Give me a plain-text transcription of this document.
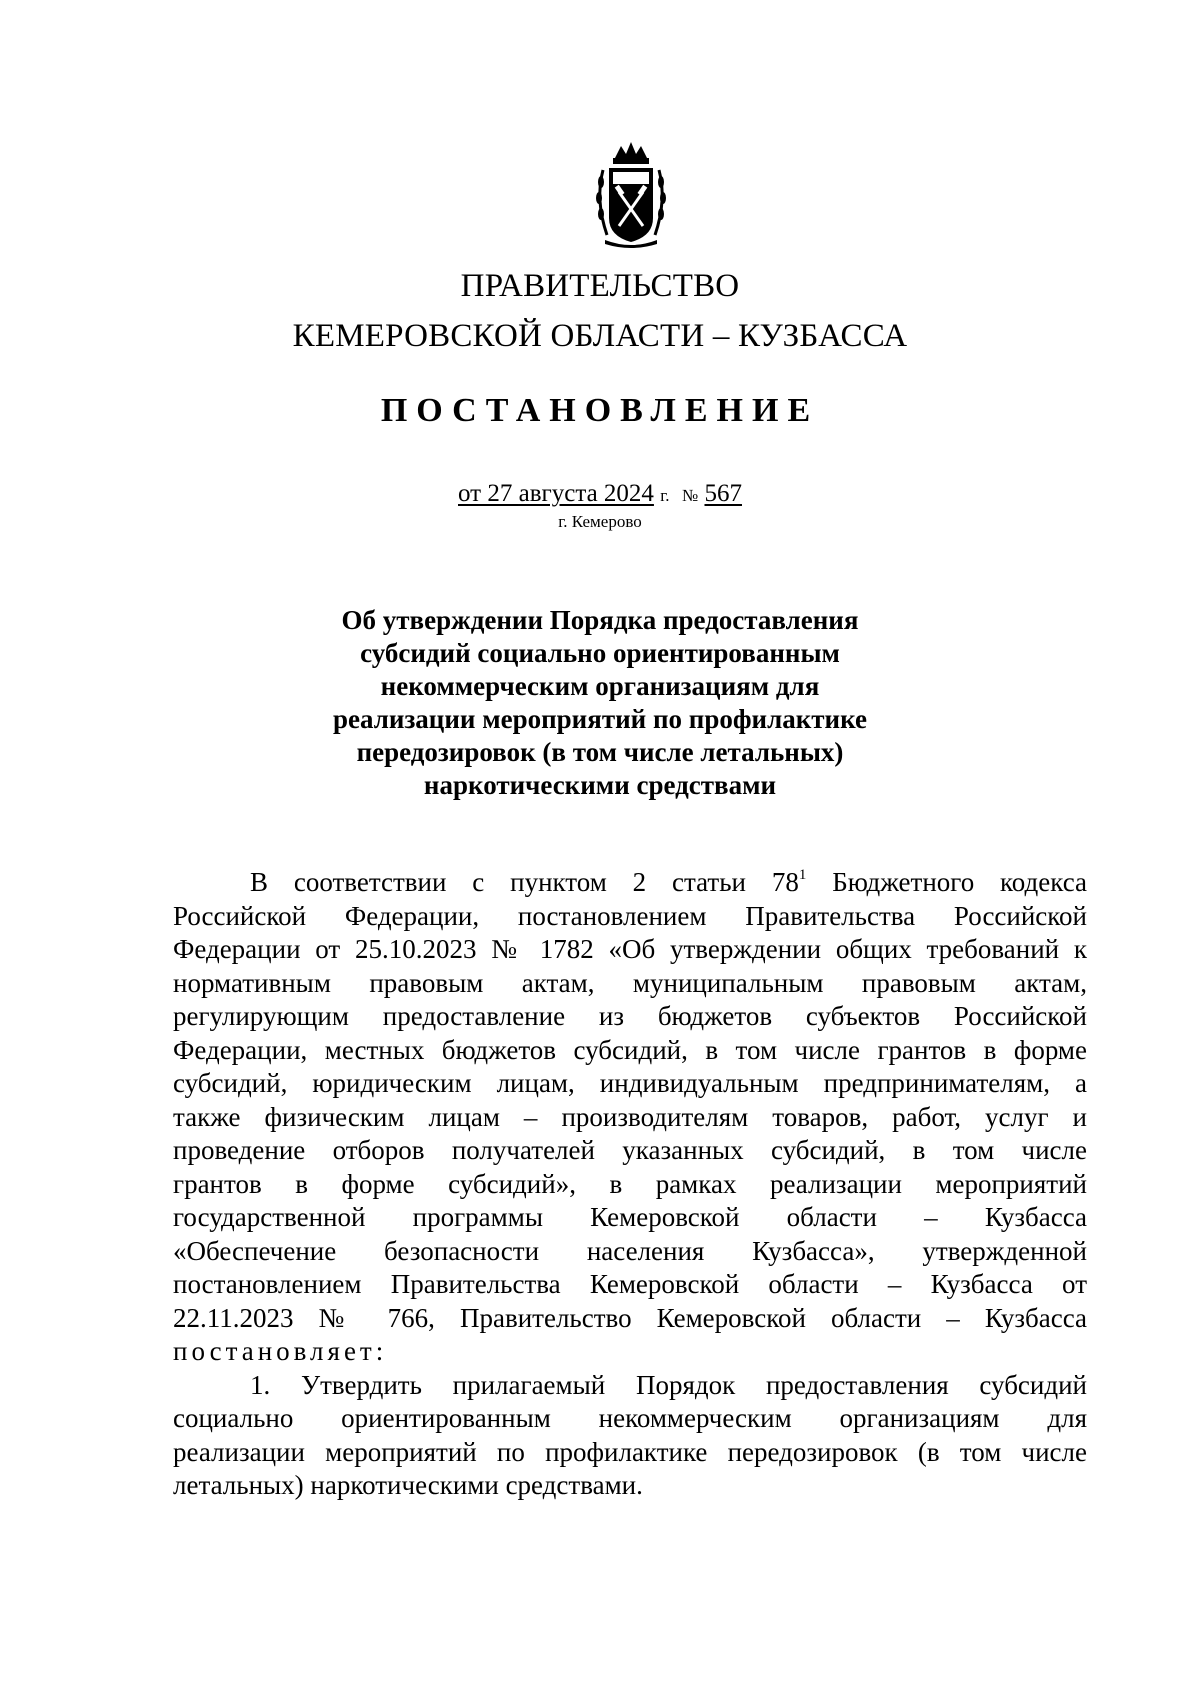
ПРАВИТЕЛЬСТВО
КЕМЕРОВСКОЙ ОБЛАСТИ – КУЗБАССА
ПОСТАНОВЛЕНИЕ
от 27 августа 2024 г. № 567
г. Кемерово
Об утверждении Порядка предоставления
субсидий социально ориентированным
некоммерческим организациям для
реализации мероприятий по профилактике
передозировок (в том числе летальных)
наркотическими средствами
В соответствии с пунктом 2 статьи $78^1$ Бюджетного кодекса
Российской Федерации, постановлением Правительства Российской
Федерации от 25.10.2023 № 1782 «Об утверждении общих требований к
нормативным правовым актам, муниципальным правовым актам,
регулирующим предоставление из бюджетов субъектов Российской
Федерации, местных бюджетов субсидий, в том числе грантов в форме
субсидий, юридическим лицам, индивидуальным предпринимателям, а
также физическим лицам – производителям товаров, работ, услуг и
проведение отборов получателей указанных субсидий, в том числе
грантов в форме субсидий», в рамках реализации мероприятий
государственной программы Кемеровской области – Кузбасса
«Обеспечение безопасности населения Кузбасса», утвержденной
постановлением Правительства Кемеровской области – Кузбасса от
22.11.2023 № 766, Правительство Кемеровской области – Кузбасса
постановляет:
1. Утвердить прилагаемый Порядок предоставления субсидий
социально ориентированным некоммерческим организациям для
реализации мероприятий по профилактике передозировок (в том числе
летальных) наркотическими средствами.
